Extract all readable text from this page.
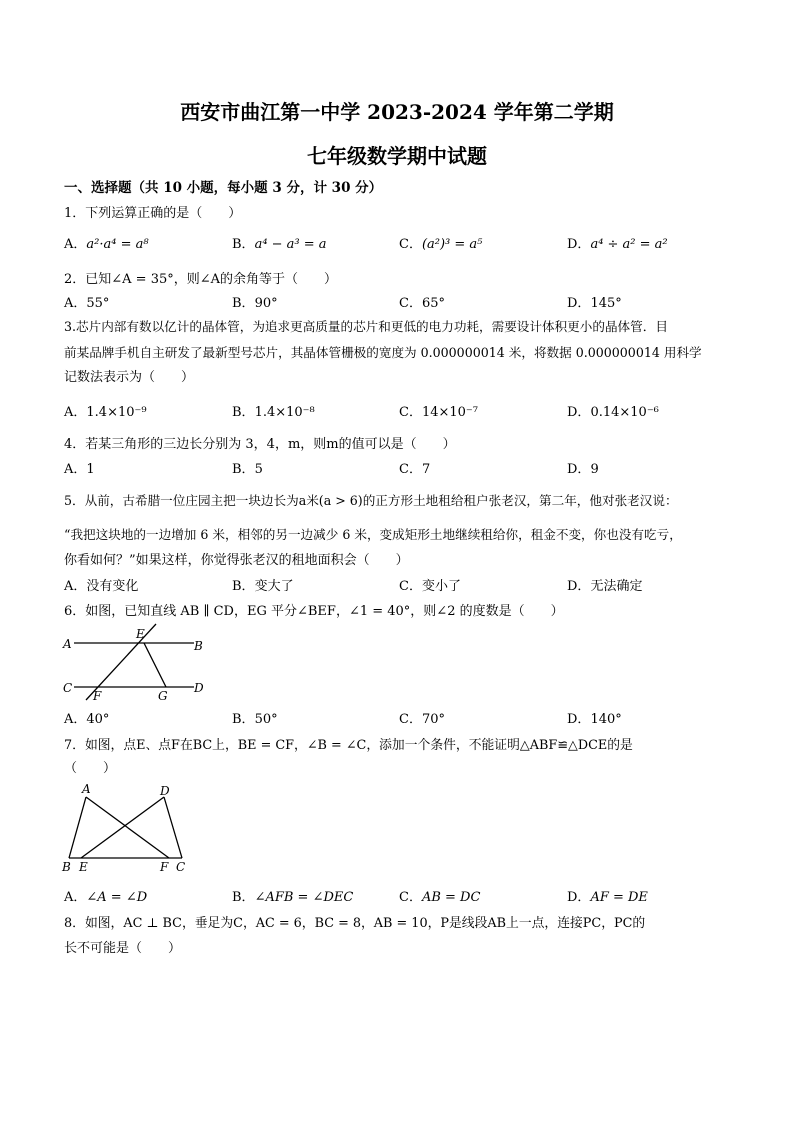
西安市曲江第一中学 2023-2024 学年第二学期
七年级数学期中试题
一、选择题（共 10 小题，每小题 3 分，计 30 分）
1．下列运算正确的是（　　）
A．a²·a⁴ = a⁸	B．a⁴ − a³ = a	C．(a²)³ = a⁵	D．a⁴ ÷ a² = a²
2．已知∠A = 35°，则∠A的余角等于（　　）
A．55°	B．90°	C．65°	D．145°
3.芯片内部有数以亿计的晶体管，为追求更高质量的芯片和更低的电力功耗，需要设计体积更小的晶体管．目
前某品牌手机自主研发了最新型号芯片，其晶体管栅极的宽度为 0.000000014 米，将数据 0.000000014 用科学
记数法表示为（　　）
A．1.4×10⁻⁹	B．1.4×10⁻⁸	C．14×10⁻⁷	D．0.14×10⁻⁶
4．若某三角形的三边长分别为 3，4，m，则m的值可以是（　　）
A．1	B．5	C．7	D．9
5．从前，古希腊一位庄园主把一块边长为a米(a > 6)的正方形土地租给租户张老汉，第二年，他对张老汉说：
“我把这块地的一边增加 6 米，相邻的另一边减少 6 米，变成矩形土地继续租给你，租金不变，你也没有吃亏，
你看如何？”如果这样，你觉得张老汉的租地面积会（　　）
A．没有变化	B．变大了	C．变小了	D．无法确定
6．如图，已知直线 AB ∥ CD，EG 平分∠BEF，∠1 = 40°，则∠2 的度数是（　　）
A
E
B
C
F	G
D
A．40°	B．50°	C．70°	D．140°
7．如图，点E、点F在BC上，BE = CF，∠B = ∠C，添加一个条件，不能证明△ABF≌△DCE的是
（　　）
A	D
B E	F C
A．∠A = ∠D	B．∠AFB = ∠DEC	C．AB = DC	D．AF = DE
8．如图，AC ⊥ BC，垂足为C，AC = 6，BC = 8，AB = 10，P是线段AB上一点，连接PC，PC的
长不可能是（　　）
